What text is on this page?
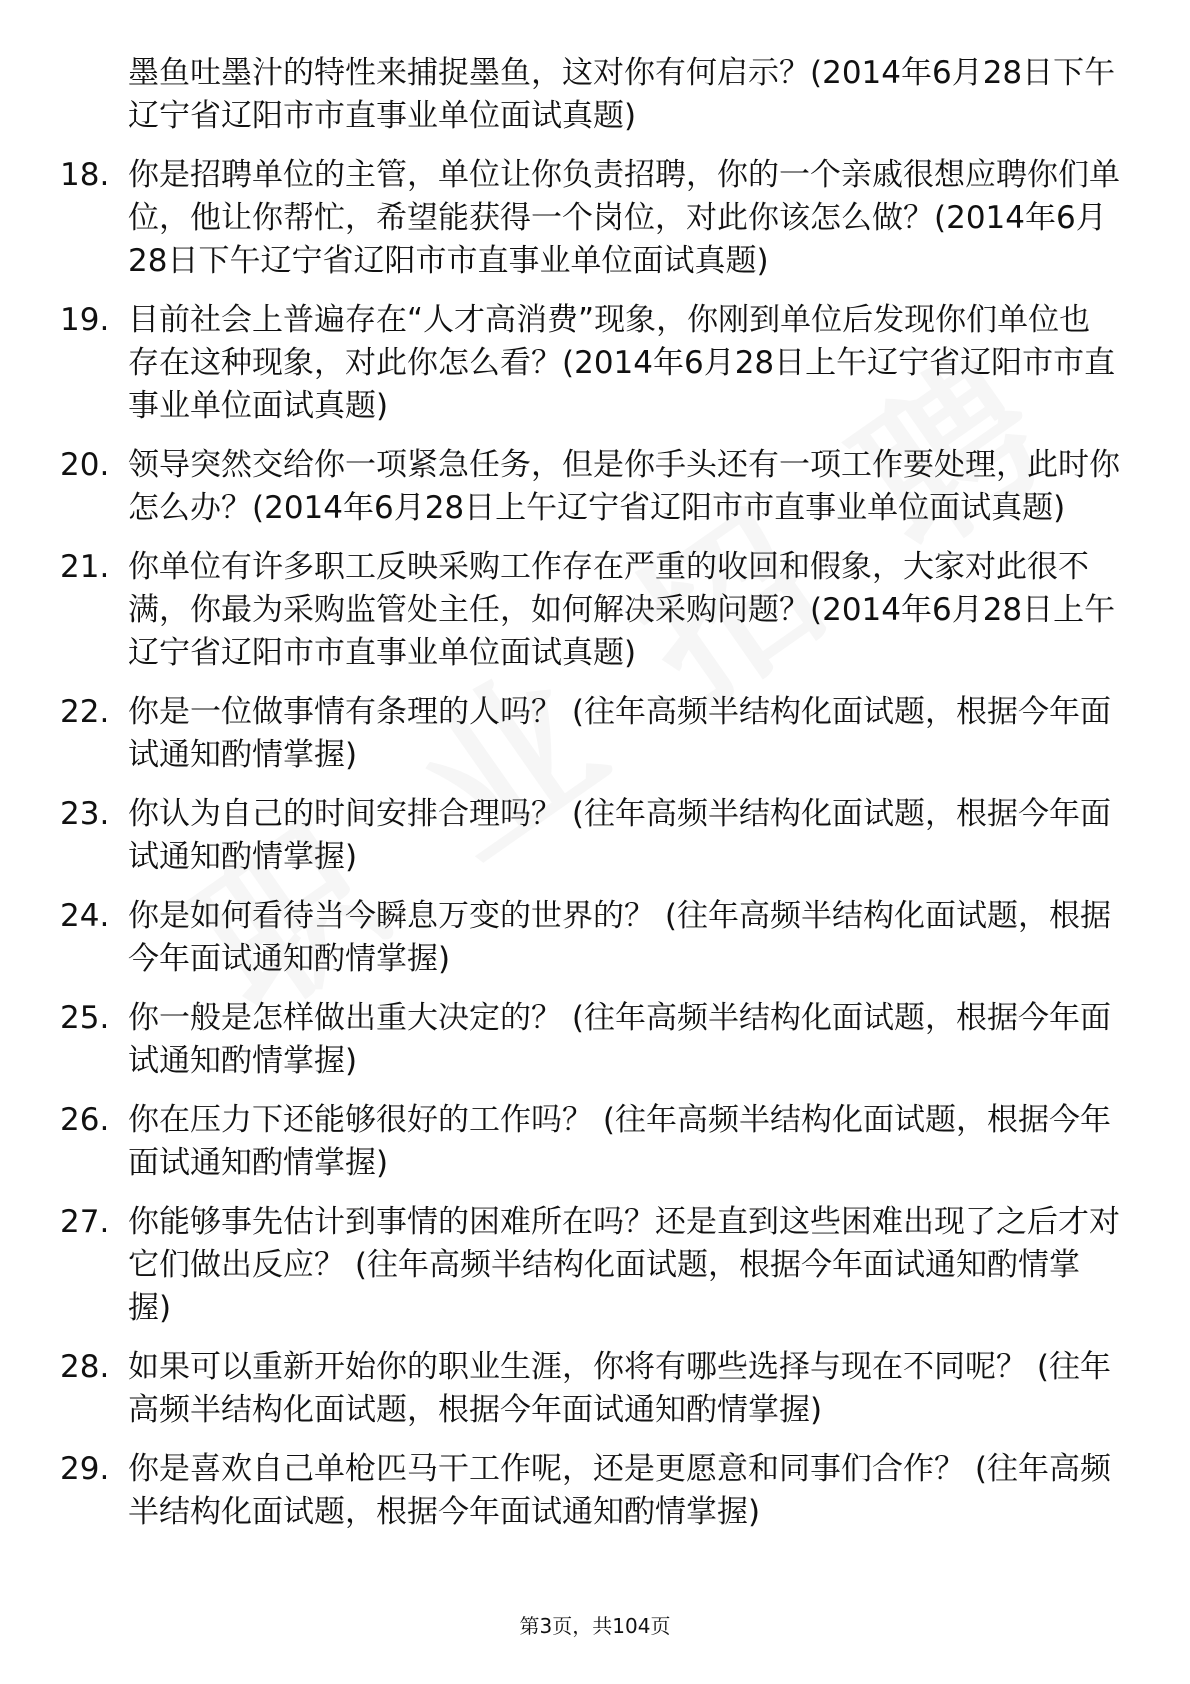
墨鱼吐墨汁的特性来捕捉墨鱼，这对你有何启示？(2014年6月28日下午辽宁省辽阳市市直事业单位面试真题)
18. 你是招聘单位的主管，单位让你负责招聘，你的一个亲戚很想应聘你们单位，他让你帮忙，希望能获得一个岗位，对此你该怎么做？(2014年6月28日下午辽宁省辽阳市市直事业单位面试真题)
19. 目前社会上普遍存在“人才高消费”现象，你刚到单位后发现你们单位也存在这种现象，对此你怎么看？(2014年6月28日上午辽宁省辽阳市市直事业单位面试真题)
20. 领导突然交给你一项紧急任务，但是你手头还有一项工作要处理，此时你怎么办？(2014年6月28日上午辽宁省辽阳市市直事业单位面试真题)
21. 你单位有许多职工反映采购工作存在严重的收回和假象，大家对此很不满，你最为采购监管处主任，如何解决采购问题？(2014年6月28日上午辽宁省辽阳市市直事业单位面试真题)
22. 你是一位做事情有条理的人吗？ (往年高频半结构化面试题，根据今年面试通知酌情掌握)
23. 你认为自己的时间安排合理吗？ (往年高频半结构化面试题，根据今年面试通知酌情掌握)
24. 你是如何看待当今瞬息万变的世界的？ (往年高频半结构化面试题，根据今年面试通知酌情掌握)
25. 你一般是怎样做出重大决定的？ (往年高频半结构化面试题，根据今年面试通知酌情掌握)
26. 你在压力下还能够很好的工作吗？ (往年高频半结构化面试题，根据今年面试通知酌情掌握)
27. 你能够事先估计到事情的困难所在吗？还是直到这些困难出现了之后才对它们做出反应？ (往年高频半结构化面试题，根据今年面试通知酌情掌握)
28. 如果可以重新开始你的职业生涯，你将有哪些选择与现在不同呢？ (往年高频半结构化面试题，根据今年面试通知酌情掌握)
29. 你是喜欢自己单枪匹马干工作呢，还是更愿意和同事们合作？ (往年高频半结构化面试题，根据今年面试通知酌情掌握)
第3页，共104页
